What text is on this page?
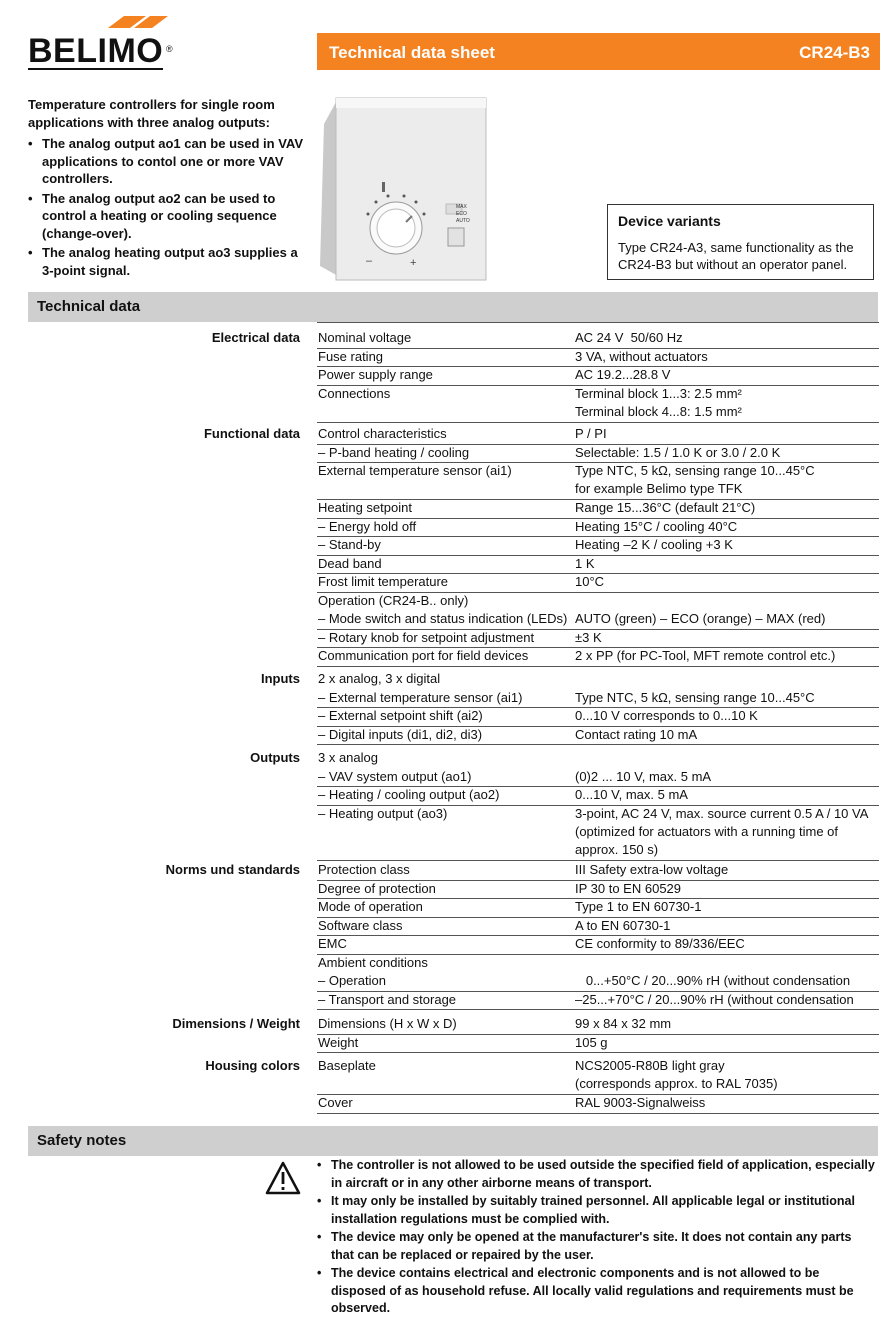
BELIMO ®	Technical data sheet	CR24-B3
Temperature controllers for single room applications with three analog outputs:
• The analog output ao1 can be used in VAV applications to contol one or more VAV controllers.
• The analog output ao2 can be used to control a heating or cooling sequence (change-over).
• The analog heating output ao3 supplies a 3-point signal.
–	+
MAX
ECO
AUTO	Device variants
Type CR24-A3, same functionality as the CR24-B3 but without an operator panel.
Technical data
Safety notes
• The controller is not allowed to be used outside the specified field of application, especially in aircraft or in any other airborne means of transport.
• It may only be installed by suitably trained personnel. All applicable legal or institutional installation regulations must be complied with.
• The device may only be opened at the manufacturer's site. It does not contain any parts that can be replaced or repaired by the user.
• The device contains electrical and electronic components and is not allowed to be disposed of as household refuse. All locally valid regulations and requirements must be observed.
Electrical data Nominal voltage	AC 24 V  50/60 Hz
Fuse rating	3 VA, without actuators
Power supply range	AC 19.2...28.8 V
Connections	Terminal block 1...3: 2.5 mm²
Terminal block 4...8: 1.5 mm²
Functional data Control characteristics	P / PI
– P-band heating / cooling	Selectable: 1.5 / 1.0 K or 3.0 / 2.0 K
External temperature sensor (ai1)	Type NTC, 5 kΩ, sensing range 10...45°C
for example Belimo type TFK
Heating setpoint	Range 15...36°C (default 21°C)
– Energy hold off	Heating 15°C / cooling 40°C
– Stand-by	Heating –2 K / cooling +3 K
Dead band	1 K
Frost limit temperature	10°C
Operation (CR24-B.. only)
– Mode switch and status indication (LEDs) AUTO (green) – ECO (orange) – MAX (red)
– Rotary knob for setpoint adjustment	±3 K
Communication port for field devices	2 x PP (for PC-Tool, MFT remote control etc.)
Inputs 2 x analog, 3 x digital
– External temperature sensor (ai1)	Type NTC, 5 kΩ, sensing range 10...45°C
– External setpoint shift (ai2)	0...10 V corresponds to 0...10 K
– Digital inputs (di1, di2, di3)	Contact rating 10 mA
Outputs 3 x analog
– VAV system output (ao1)	(0)2 ... 10 V, max. 5 mA
– Heating / cooling output (ao2)	0...10 V, max. 5 mA
– Heating output (ao3)	3-point, AC 24 V, max. source current 0.5 A / 10 VA
(optimized for actuators with a running time of
approx. 150 s)
Norms und standards Protection class	III Safety extra-low voltage
Degree of protection	IP 30 to EN 60529
Mode of operation	Type 1 to EN 60730-1
Software class	A to EN 60730-1
EMC	CE conformity to 89/336/EEC
Ambient conditions
– Operation	0...+50°C / 20...90% rH (without condensation
– Transport and storage	–25...+70°C / 20...90% rH (without condensation
Dimensions / Weight Dimensions (H x W x D)	99 x 84 x 32 mm
Weight	105 g
Housing colors Baseplate	NCS2005-R80B light gray
(corresponds approx. to RAL 7035)
Cover	RAL 9003-Signalweiss
